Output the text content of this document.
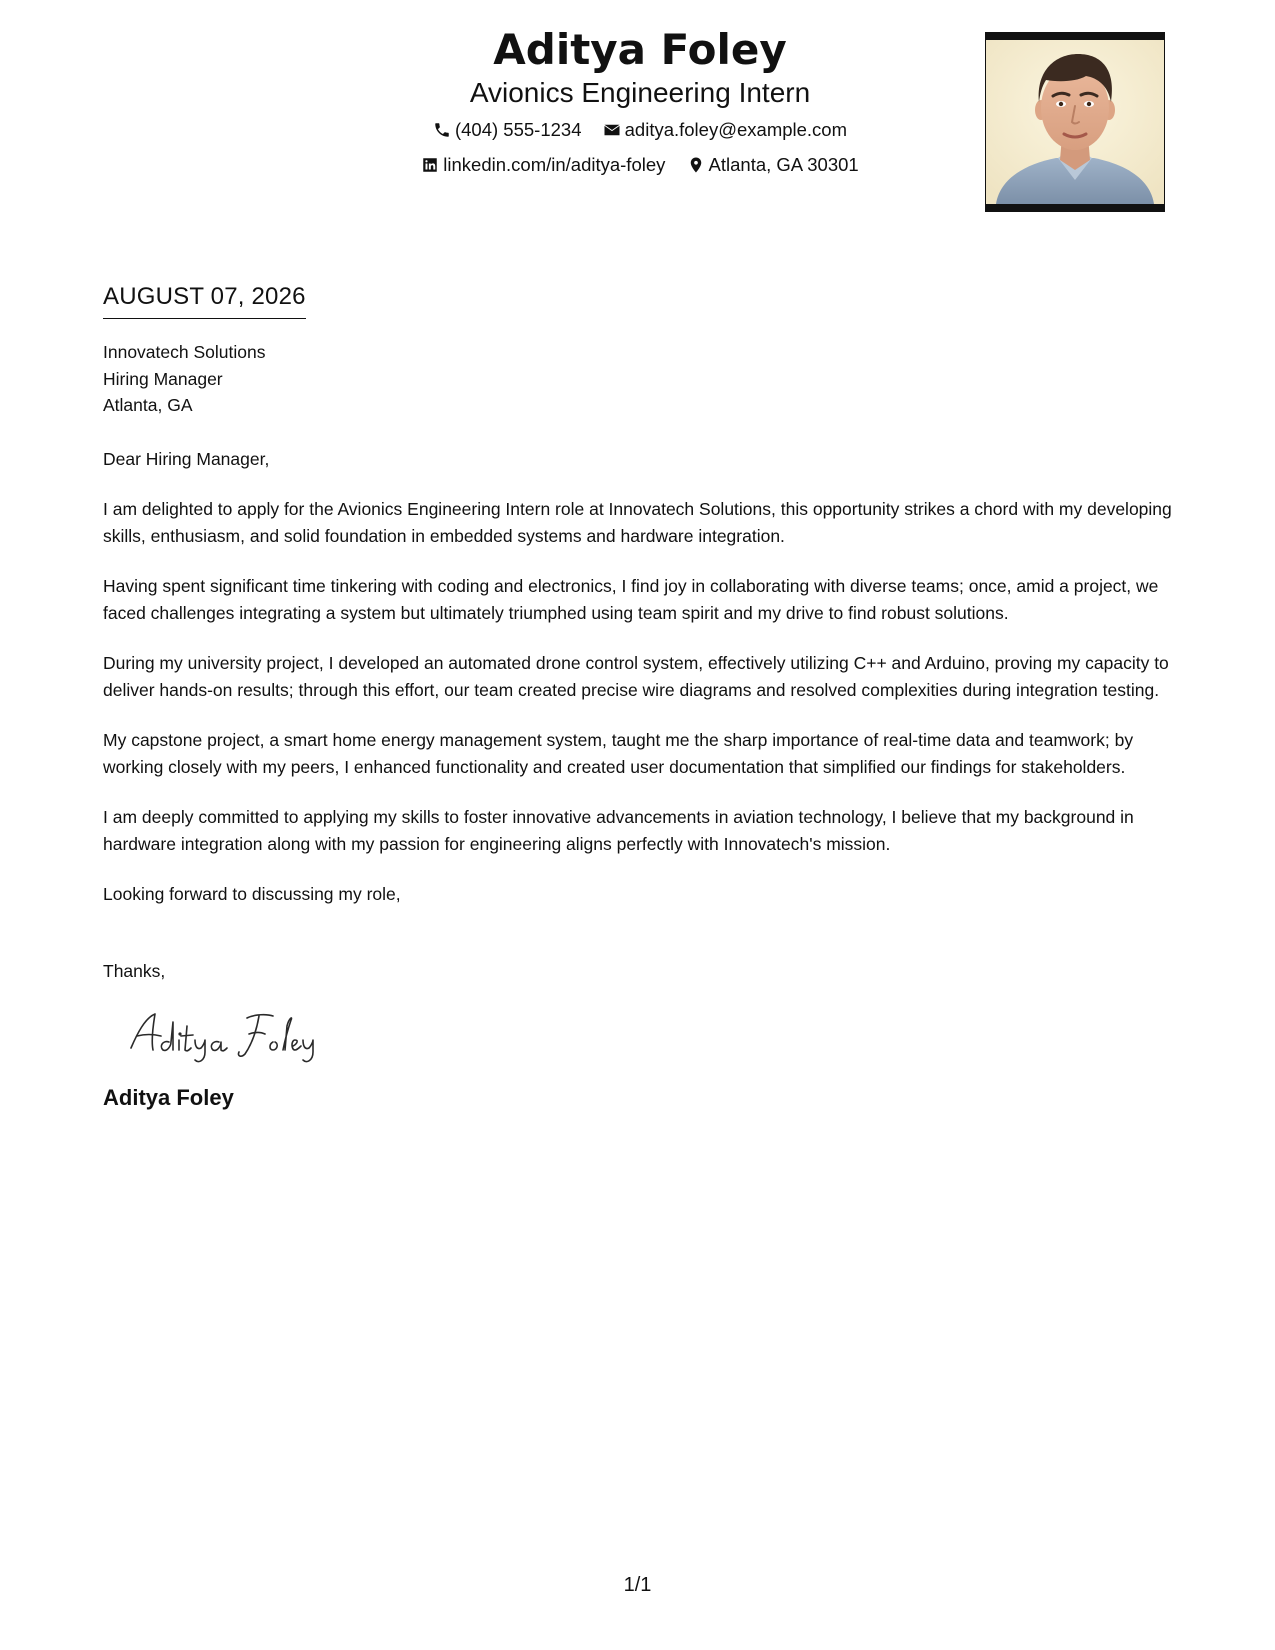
Aditya Foley
Avionics Engineering Intern
(404) 555-1234
aditya.foley@example.com
linkedin.com/in/aditya-foley
Atlanta, GA 30301
AUGUST 07, 2026
Innovatech Solutions
Hiring Manager
Atlanta, GA

Dear Hiring Manager,

I am delighted to apply for the Avionics Engineering Intern role at Innovatech Solutions, this opportunity strikes a chord with my developing skills, enthusiasm, and solid foundation in embedded systems and hardware integration.

Having spent significant time tinkering with coding and electronics, I find joy in collaborating with diverse teams; once, amid a project, we faced challenges integrating a system but ultimately triumphed using team spirit and my drive to find robust solutions.

During my university project, I developed an automated drone control system, effectively utilizing C++ and Arduino, proving my capacity to deliver hands-on results; through this effort, our team created precise wire diagrams and resolved complexities during integration testing.

My capstone project, a smart home energy management system, taught me the sharp importance of real-time data and teamwork; by working closely with my peers, I enhanced functionality and created user documentation that simplified our findings for stakeholders.

I am deeply committed to applying my skills to foster innovative advancements in aviation technology, I believe that my background in hardware integration along with my passion for engineering aligns perfectly with Innovatech's mission.

Looking forward to discussing my role,

Thanks,

Aditya Foley
1/1
